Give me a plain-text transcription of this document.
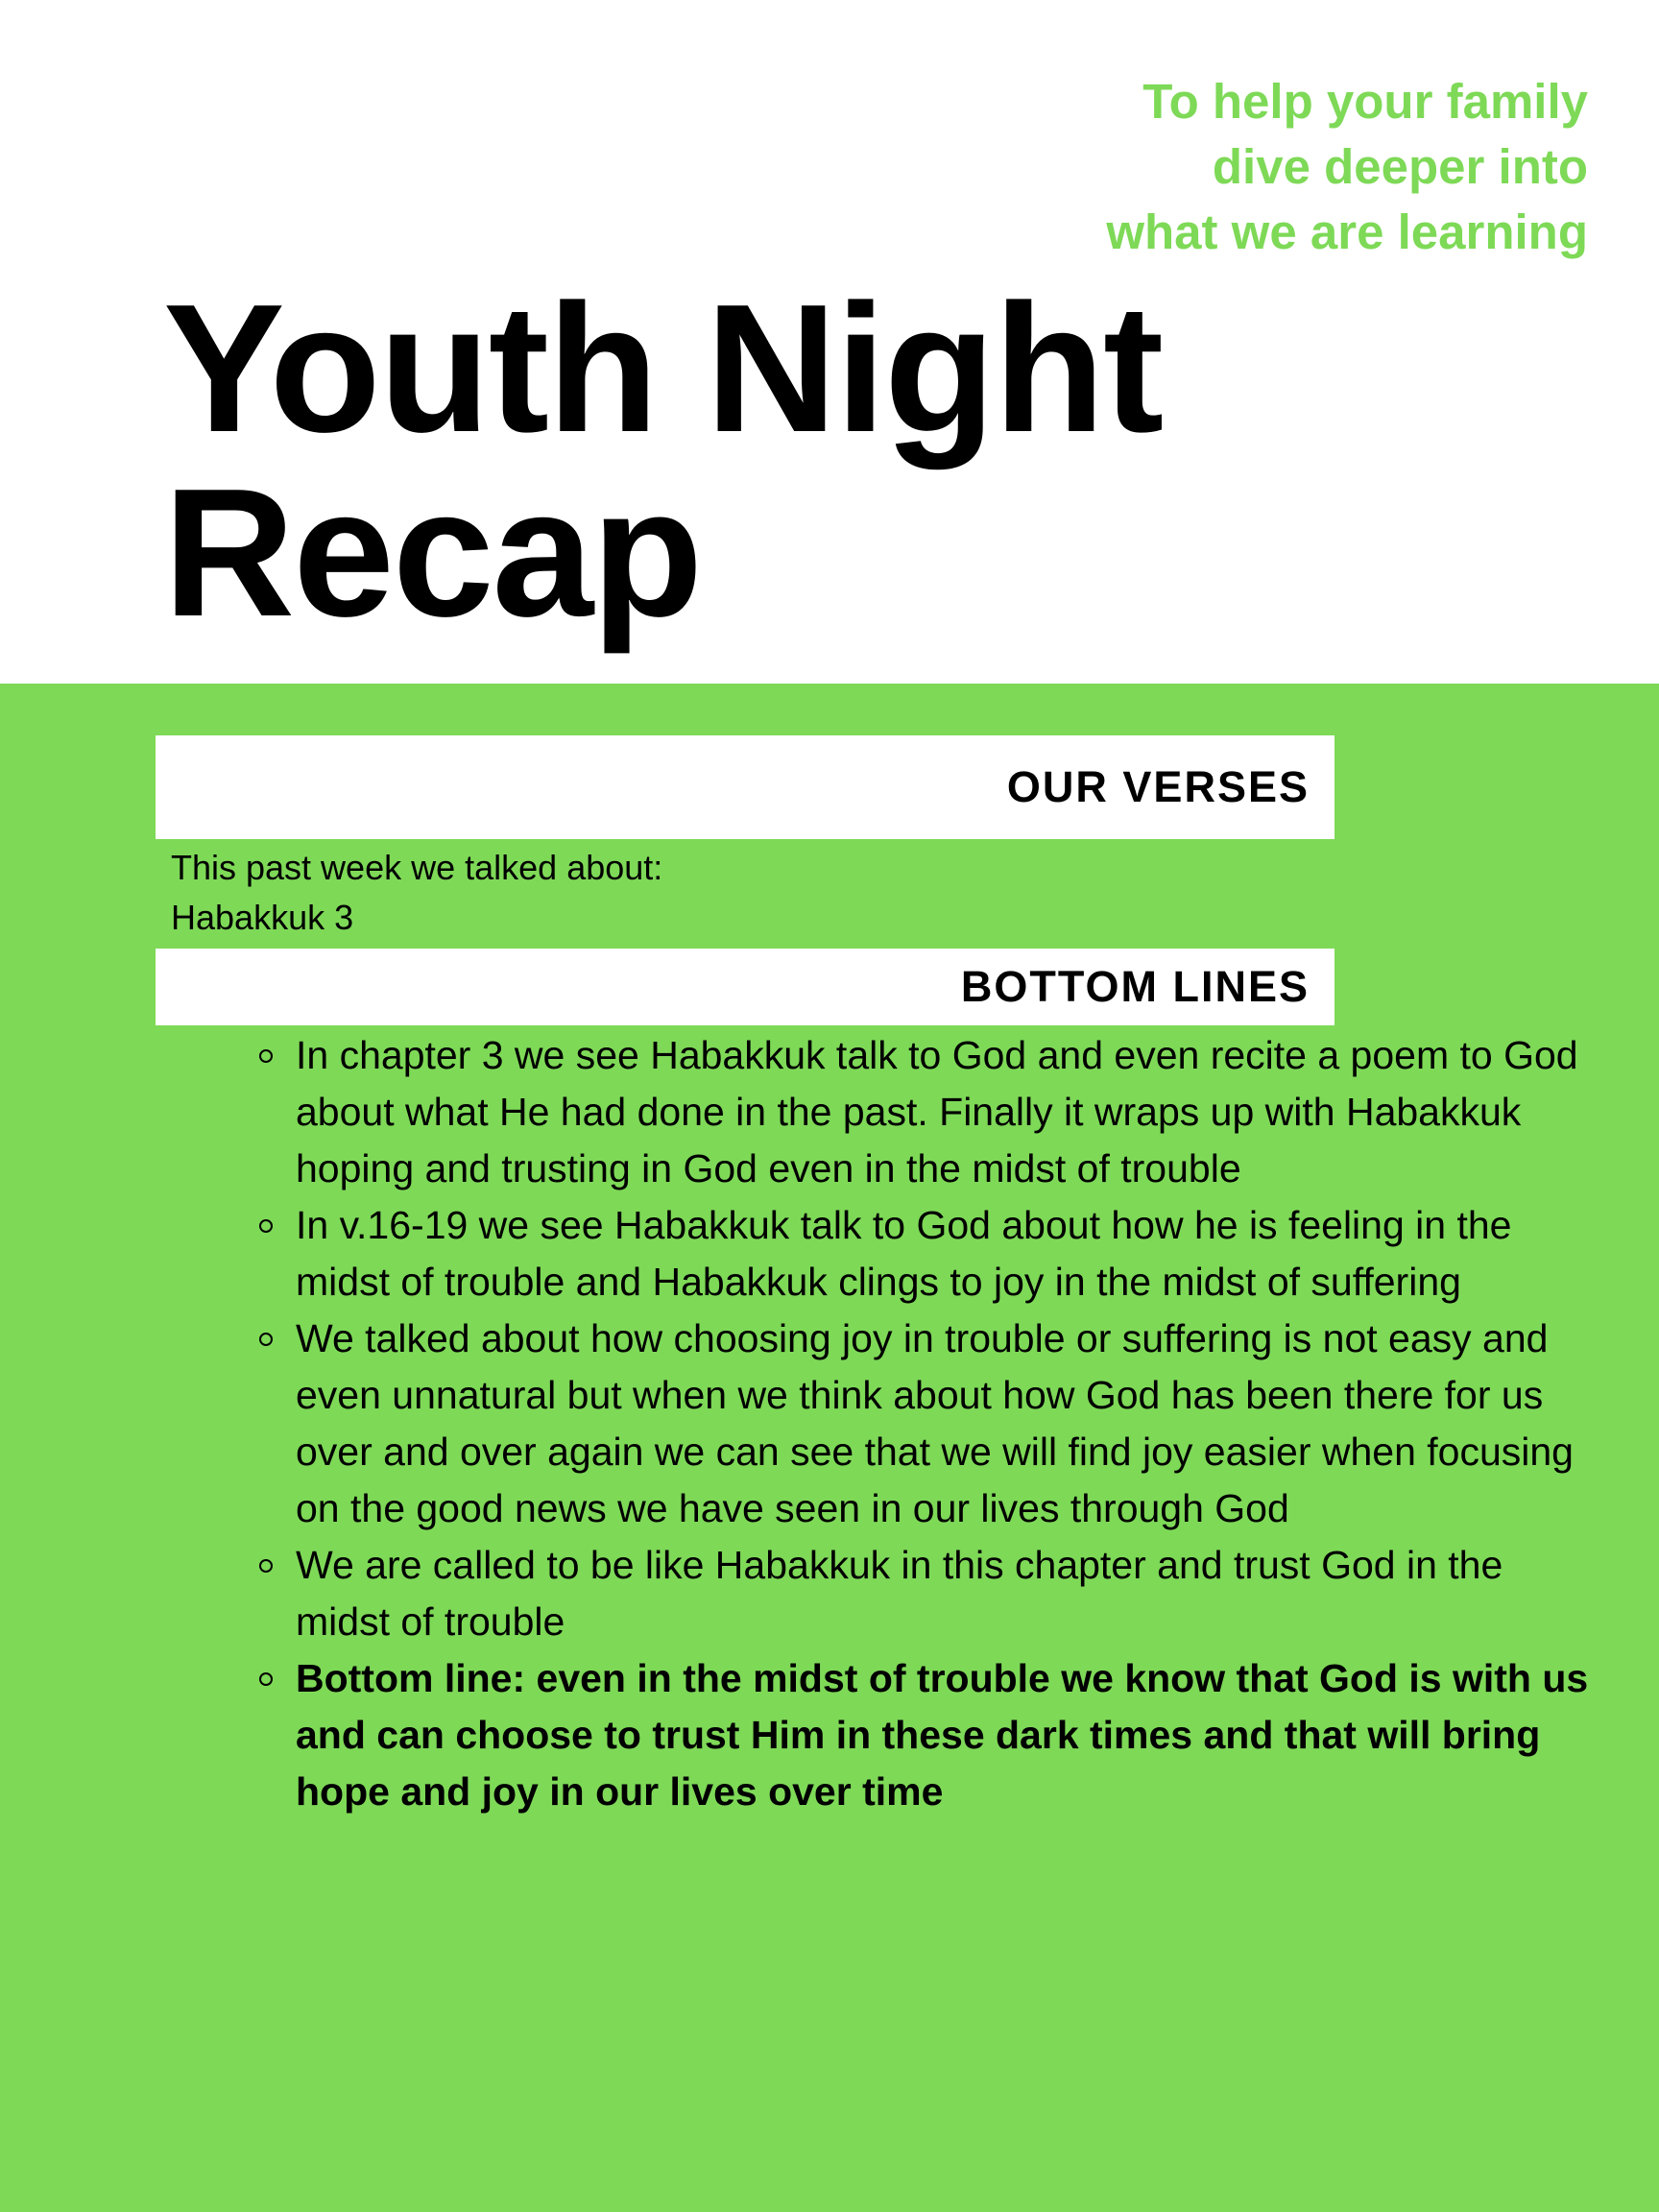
To help your family
dive deeper into
what we are learning
Youth Night
Recap
OUR VERSES
This past week we talked about:
Habakkuk 3
BOTTOM LINES
In chapter 3 we see Habakkuk talk to God and even recite a poem to God about what He had done in the past. Finally it wraps up with Habakkuk hoping and trusting in God even in the midst of trouble
In v.16-19 we see Habakkuk talk to God about how he is feeling in the midst of trouble and Habakkuk clings to joy in the midst of suffering
We talked about how choosing joy in trouble or suffering is not easy and even unnatural but when we think about how God has been there for us over and over again we can see that we will find joy easier when focusing on the good news we have seen in our lives through God
We are called to be like Habakkuk in this chapter and trust God in the midst of trouble
Bottom line: even in the midst of trouble we know that God is with us and can choose to trust Him in these dark times and that will bring hope and joy in our lives over time
